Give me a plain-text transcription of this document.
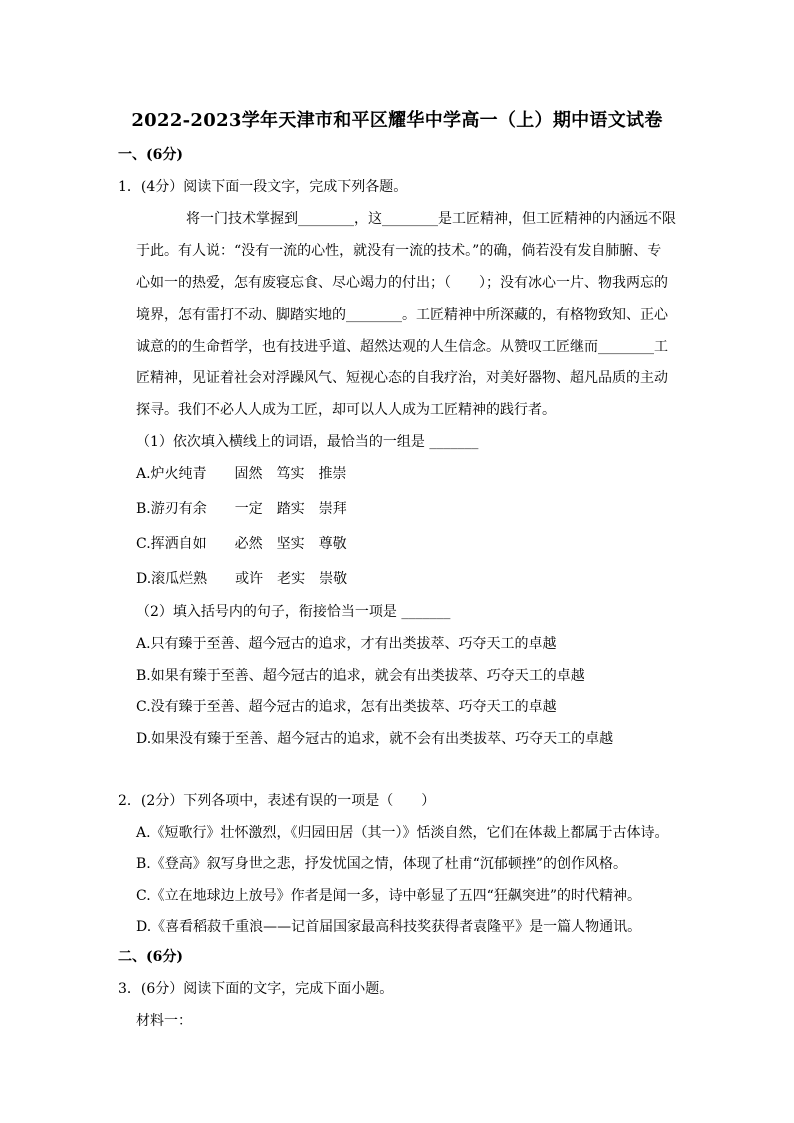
2022-2023学年天津市和平区耀华中学高一（上）期中语文试卷
一、(6分)
1．(4分）阅读下面一段文字，完成下列各题。
将一门技术掌握到________，这________是工匠精神，但工匠精神的内涵远不限
于此。有人说：“没有一流的心性，就没有一流的技术。”的确，倘若没有发自肺腑、专
心如一的热爱，怎有废寝忘食、尽心竭力的付出；（　　）；没有冰心一片、物我两忘的
境界，怎有雷打不动、脚踏实地的________。工匠精神中所深藏的，有格物致知、正心
诚意的的生命哲学，也有技进乎道、超然达观的人生信念。从赞叹工匠继而________工
匠精神，见证着社会对浮躁风气、短视心态的自我疗治，对美好器物、超凡品质的主动
探寻。我们不必人人成为工匠，却可以人人成为工匠精神的践行者。
（1）依次填入横线上的词语，最恰当的一组是 _______
A.炉火纯青　　固然　笃实　推崇
B.游刃有余　　一定　踏实　崇拜
C.挥洒自如　　必然　坚实　尊敬
D.滚瓜烂熟　　或许　老实　崇敬
（2）填入括号内的句子，衔接恰当一项是 _______
A.只有臻于至善、超今冠古的追求，才有出类拔萃、巧夺天工的卓越
B.如果有臻于至善、超今冠古的追求，就会有出类拔萃、巧夺天工的卓越
C.没有臻于至善、超今冠古的追求，怎有出类拔萃、巧夺天工的卓越
D.如果没有臻于至善、超今冠古的追求，就不会有出类拔萃、巧夺天工的卓越
2．(2分）下列各项中，表述有误的一项是（　　）
A.《短歌行》壮怀激烈，《归园田居（其一）》恬淡自然，它们在体裁上都属于古体诗。
B.《登高》叙写身世之悲，抒发忧国之情，体现了杜甫“沉郁顿挫”的创作风格。
C.《立在地球边上放号》作者是闻一多，诗中彰显了五四“狂飙突进”的时代精神。
D.《喜看稻菽千重浪——记首届国家最高科技奖获得者袁隆平》是一篇人物通讯。
二、(6分)
3．(6分）阅读下面的文字，完成下面小题。
材料一：
